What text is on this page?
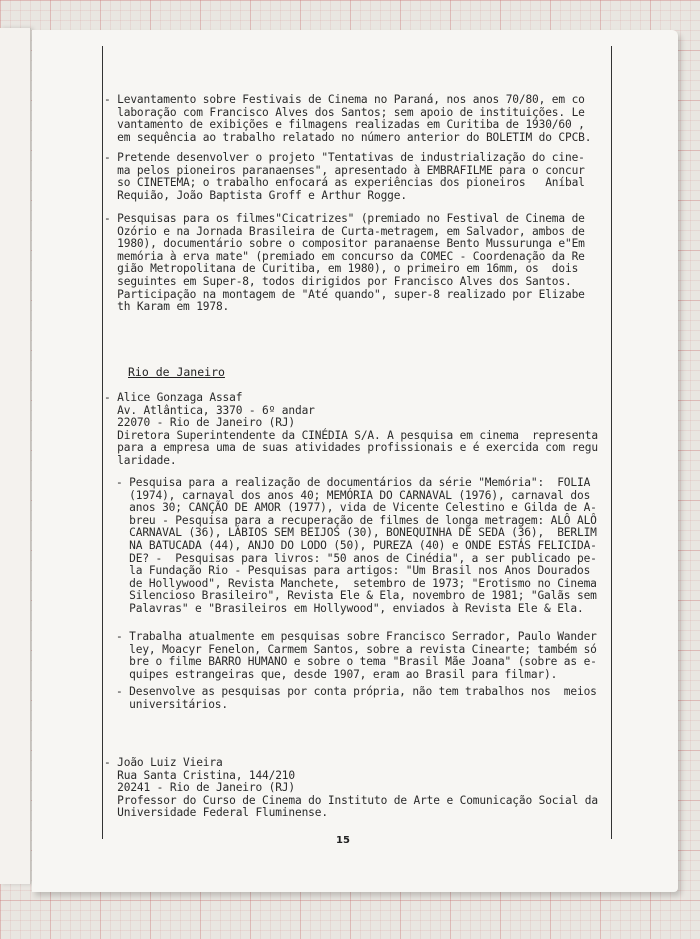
- Levantamento sobre Festivais de Cinema no Paraná, nos anos 70/80, em co
laboração com Francisco Alves dos Santos; sem apoio de instituições. Le
vantamento de exibições e filmagens realizadas em Curitiba de 1930/60 ,
em sequência ao trabalho relatado no número anterior do BOLETIM do CPCB.
- Pretende desenvolver o projeto "Tentativas de industrialização do cine-
ma pelos pioneiros paranaenses", apresentado à EMBRAFILME para o concur
so CINETEMA; o trabalho enfocará as experiências dos pioneiros   Aníbal
Requião, João Baptista Groff e Arthur Rogge.
- Pesquisas para os filmes"Cicatrizes" (premiado no Festival de Cinema de
Ozório e na Jornada Brasileira de Curta-metragem, em Salvador, ambos de
1980), documentário sobre o compositor paranaense Bento Mussurunga e"Em
memória à erva mate" (premiado em concurso da COMEC - Coordenação da Re
gião Metropolitana de Curitiba, em 1980), o primeiro em 16mm, os  dois
seguintes em Super-8, todos dirigidos por Francisco Alves dos Santos.
Participação na montagem de "Até quando", super-8 realizado por Elizabe
th Karam em 1978.
Rio de Janeiro
- Alice Gonzaga Assaf
Av. Atlântica, 3370 - 6º andar
22070 - Rio de Janeiro (RJ)
Diretora Superintendente da CINÉDIA S/A. A pesquisa em cinema  representa
para a empresa uma de suas atividades profissionais e é exercida com regu
laridade.
- Pesquisa para a realização de documentários da série "Memória":  FOLIA
(1974), carnaval dos anos 40; MEMÓRIA DO CARNAVAL (1976), carnaval dos
anos 30; CANÇÃO DE AMOR (1977), vida de Vicente Celestino e Gilda de A-
breu - Pesquisa para a recuperação de filmes de longa metragem: ALÔ ALÔ
CARNAVAL (36), LÁBIOS SEM BEIJOS (30), BONEQUINHA DE SEDA (36),  BERLIM
NA BATUCADA (44), ANJO DO LODO (50), PUREZA (40) e ONDE ESTÁS FELICIDA-
DE? -  Pesquisas para livros: "50 anos de Cinédia", a ser publicado pe-
la Fundação Rio - Pesquisas para artigos: "Um Brasil nos Anos Dourados
de Hollywood", Revista Manchete,  setembro de 1973; "Erotismo no Cinema
Silencioso Brasileiro", Revista Ele & Ela, novembro de 1981; "Galãs sem
Palavras" e "Brasileiros em Hollywood", enviados à Revista Ele & Ela.
- Trabalha atualmente em pesquisas sobre Francisco Serrador, Paulo Wander
ley, Moacyr Fenelon, Carmem Santos, sobre a revista Cinearte; também só
bre o filme BARRO HUMANO e sobre o tema "Brasil Mãe Joana" (sobre as e-
quipes estrangeiras que, desde 1907, eram ao Brasil para filmar).
- Desenvolve as pesquisas por conta própria, não tem trabalhos nos  meios
universitários.
- João Luiz Vieira
Rua Santa Cristina, 144/210
20241 - Rio de Janeiro (RJ)
Professor do Curso de Cinema do Instituto de Arte e Comunicação Social da
Universidade Federal Fluminense.
15
